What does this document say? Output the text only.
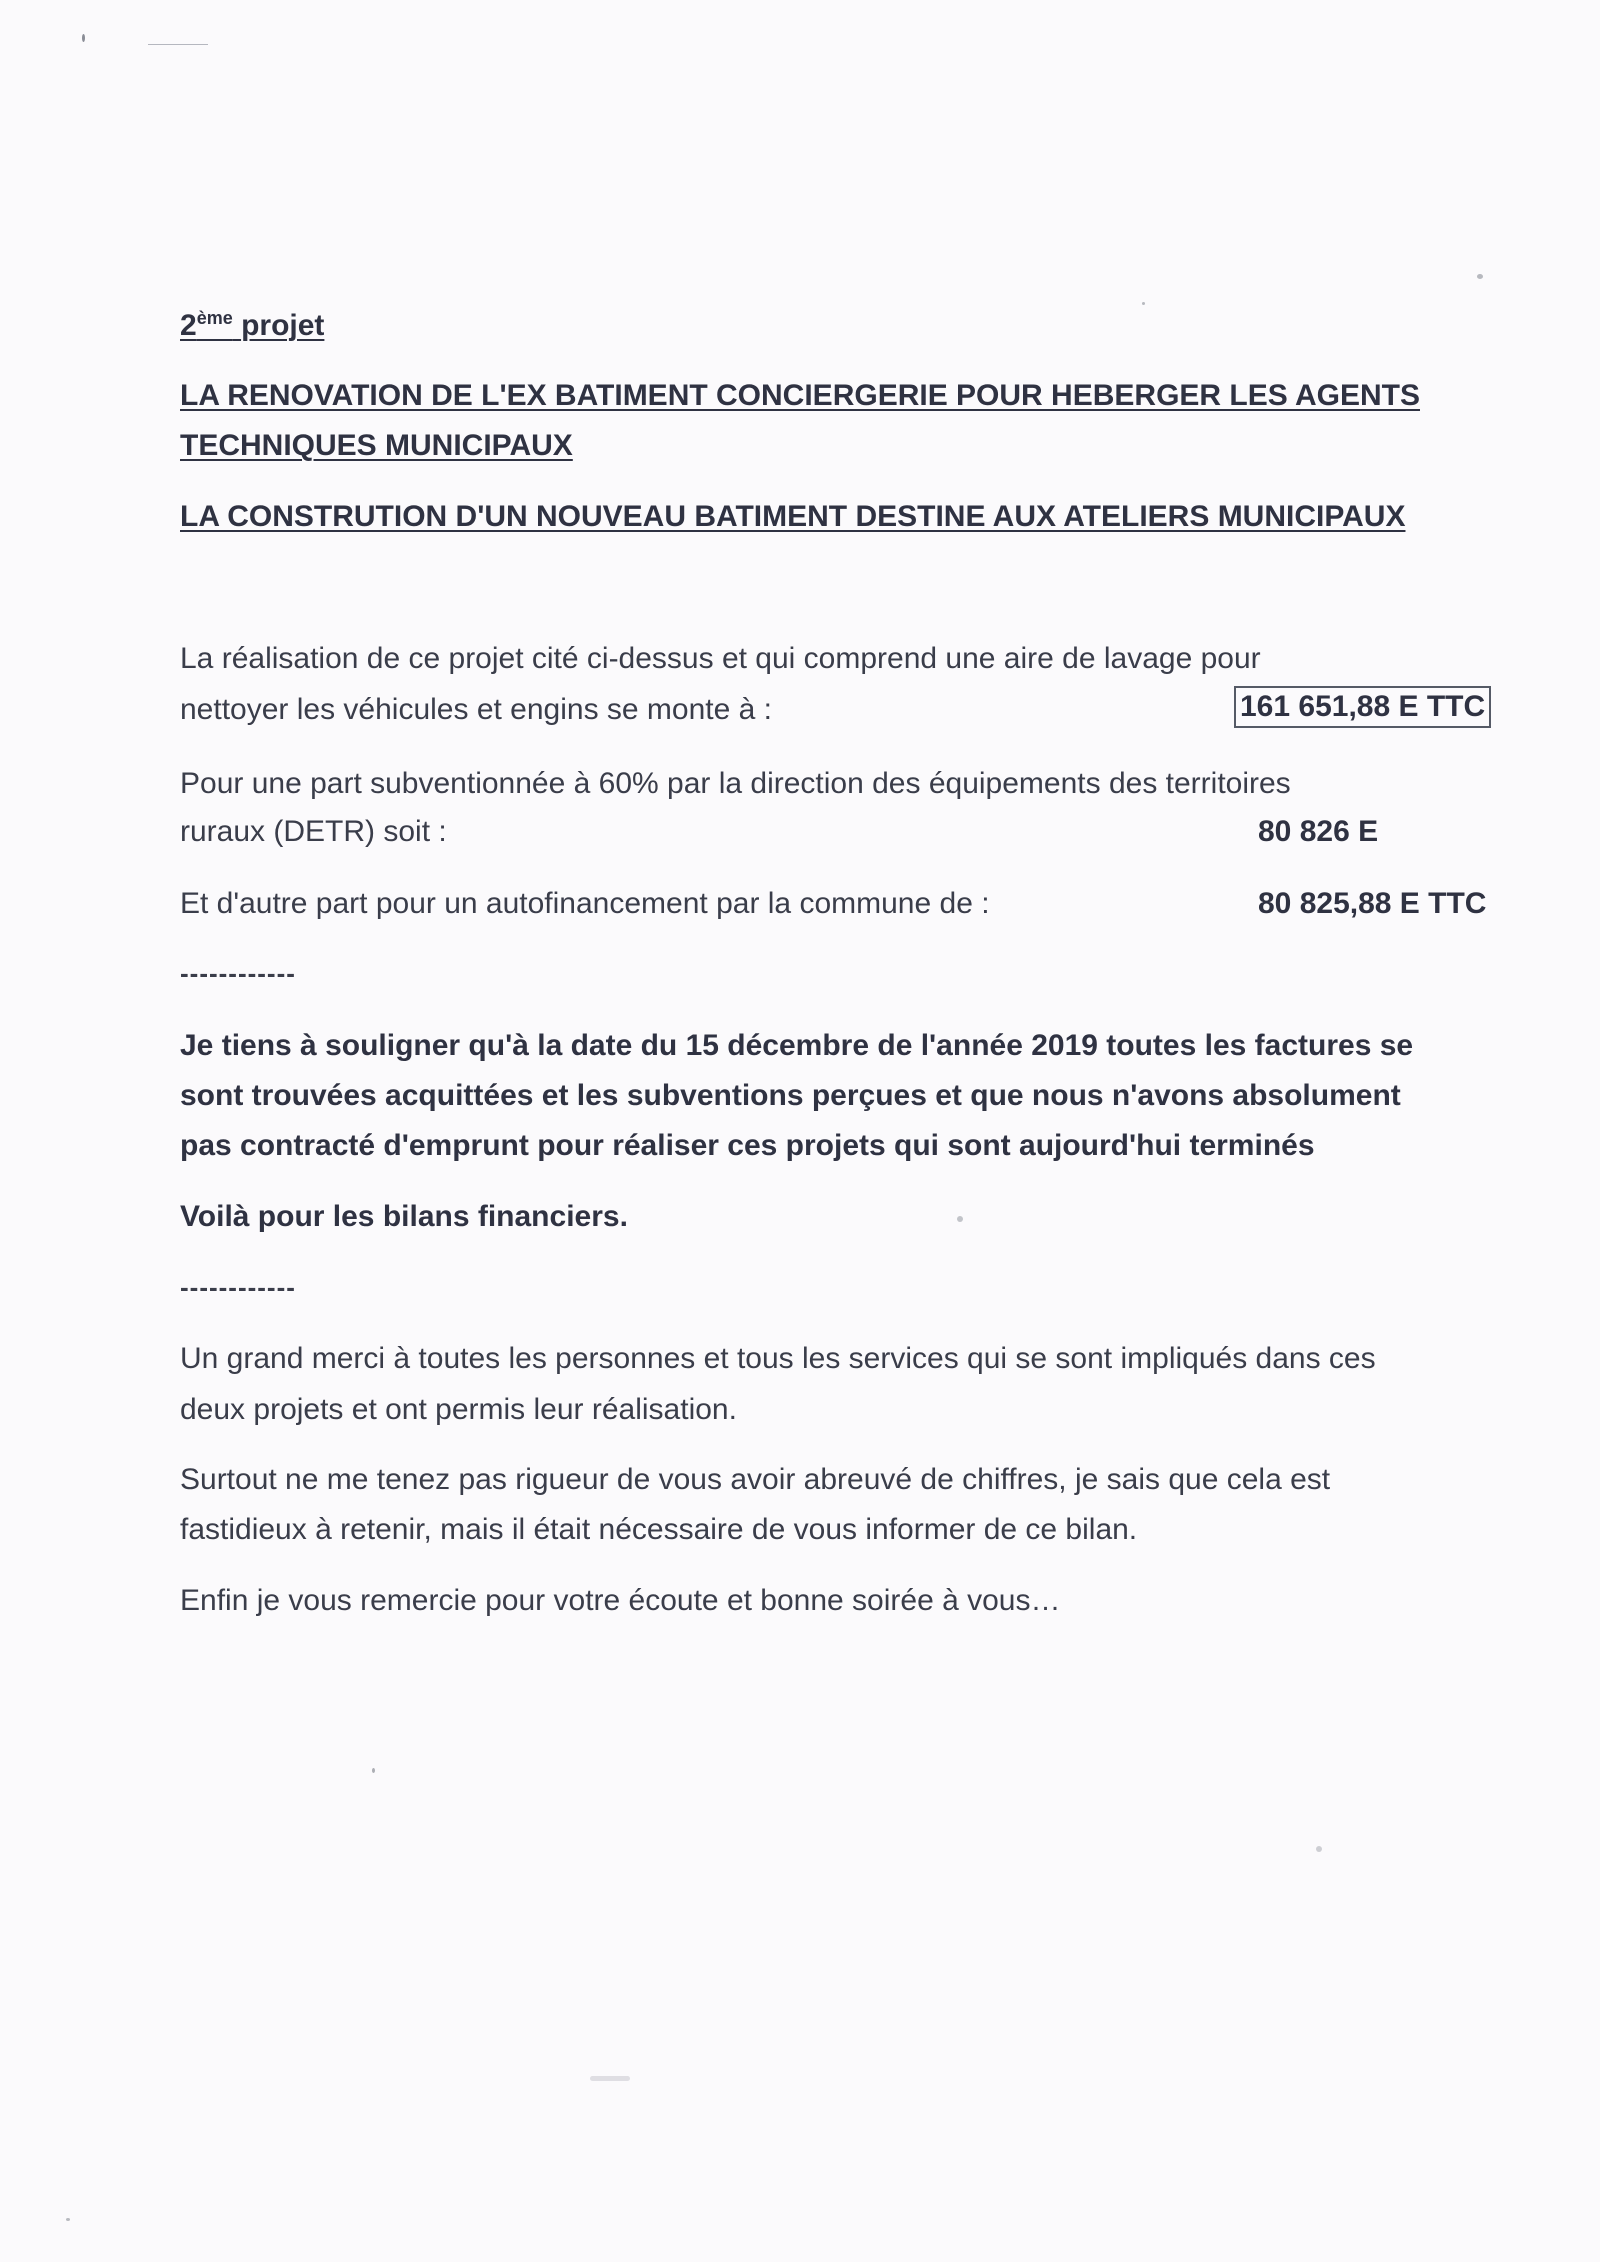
2ème projet
LA RENOVATION DE L'EX BATIMENT CONCIERGERIE POUR HEBERGER LES AGENTS
TECHNIQUES MUNICIPAUX
LA CONSTRUTION D'UN NOUVEAU BATIMENT DESTINE AUX ATELIERS MUNICIPAUX
La réalisation de ce projet cité ci-dessus et qui comprend une aire de lavage pour
nettoyer les véhicules et engins se monte à :	161 651,88 E TTC
Pour une part subventionnée à 60% par la direction des équipements des territoires
ruraux (DETR) soit :	80 826 E
Et d'autre part pour un autofinancement par la commune de :	80 825,88 E TTC
------------
Je tiens à souligner qu'à la date du 15 décembre de l'année 2019 toutes les factures se
sont trouvées acquittées et les subventions perçues et que nous n'avons absolument
pas contracté d'emprunt pour réaliser ces projets qui sont aujourd'hui terminés
Voilà pour les bilans financiers.
------------
Un grand merci à toutes les personnes et tous les services qui se sont impliqués dans ces
deux projets et ont permis leur réalisation.
Surtout ne me tenez pas rigueur de vous avoir abreuvé de chiffres, je sais que cela est
fastidieux à retenir, mais il était nécessaire de vous informer de ce bilan.
Enfin je vous remercie pour votre écoute et bonne soirée à vous…
